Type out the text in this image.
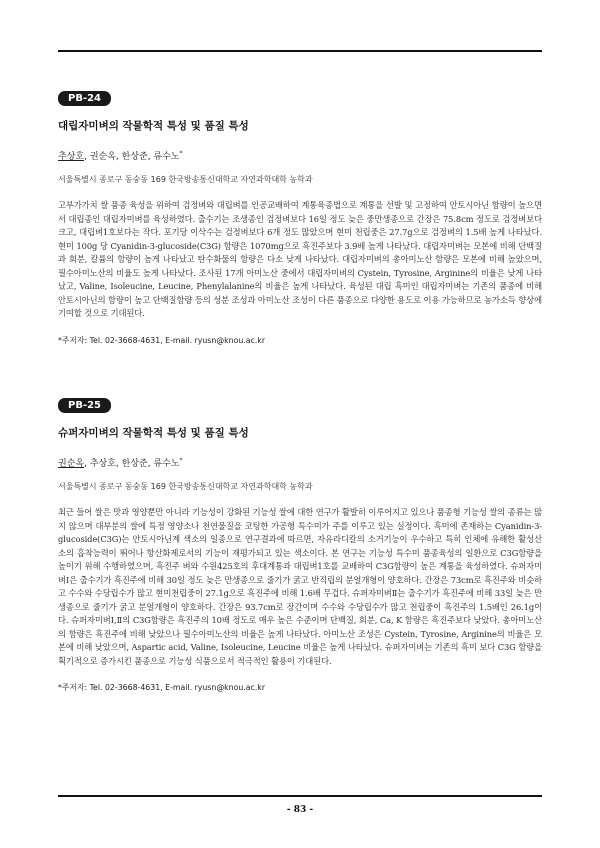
PB-24
대립자미벼의 작물학적 특성 및 품질 특성
추상호, 권순옥, 한상준, 류수노*
서울특별시 종로구 동숭동 169 한국방송통신대학교 자연과학대학 농학과
고부가가치 쌀 품종 육성을 위하여 검정벼와 대립벼를 인공교배하여 계통육종법으로 계통을 선발 및 고정하여 안토시아닌 함량이 높으면서 대립종인 대립자미벼를 육성하였다. 출수기는 조생종인 검정벼보다 16일 정도 늦은 중만생종으로 간장은 75.8cm 정도로 검정벼보다 크고, 대립벼1호보다는 작다. 포기당 이삭수는 검정벼보다 6개 정도 많았으며 현미 천립중은 27.7g으로 검정벼의 1.5배 높게 나타났다. 현미 100g 당 Cyanidin-3-glucoside(C3G) 함량은 1070mg으로 흑진주보다 3.9배 높게 나타났다. 대립자미벼는 모본에 비해 단백질과 회분, 칼륨의 함량이 높게 나타났고 탄수화물의 함량은 다소 낮게 나타났다. 대립자미벼의 총아미노산 함량은 모본에 비해 높았으며, 필수아미노산의 비율도 높게 나타났다. 조사된 17개 아미노산 중에서 대립자미벼의 Cystein, Tyrosine, Arginine의 비율은 낮게 나타났고, Valine, Isoleucine, Leucine, Phenylalanine의 비율은 높게 나타났다. 육성된 대립 흑미인 대립자미벼는 기존의 품종에 비해 안토시아닌의 함량이 높고 단백질함량 등의 성분 조성과 아미노산 조성이 다른 품종으로 다양한 용도로 이용 가능하므로 농가소득 향상에 기여할 것으로 기대된다.
*주저자: Tel. 02-3668-4631, E-mail. ryusn@knou.ac.kr
PB-25
슈퍼자미벼의 작물학적 특성 및 품질 특성
권순옥, 추상호, 한상준, 류수노*
서울특별시 종로구 동숭동 169 한국방송통신대학교 자연과학대학 농학과
최근 들어 쌀은 맛과 영양뿐만 아니라 기능성이 강화된 기능성 쌀에 대한 연구가 활발히 이루어지고 있으나 품종형 기능성 쌀의 종류는 많지 않으며 대부분의 쌀에 특정 영양소나 천연물질을 코팅한 가공형 특수미가 주를 이루고 있는 실정이다. 흑미에 존재하는 Cyanidin-3-glucoside(C3G)는 안토시아닌계 색소의 일종으로 연구결과에 따르면, 자유라디칼의 소거기능이 우수하고 특히 인체에 유해한 활성산소의 흡착능력이 뛰어나 항산화제로서의 기능이 재평가되고 있는 색소이다. 본 연구는 기능성 특수미 품종육성의 일환으로 C3G함량을 높이기 위해 수행하였으며, 흑진주 벼와 수원425호의 후대계통과 대립벼1호를 교배하여 C3G함량이 높은 계통을 육성하였다. 슈퍼자미벼Ⅰ은 출수기가 흑진주에 비해 30일 정도 늦은 만생종으로 줄기가 굵고 반직립의 분얼개형이 양호하다. 간장은 73cm로 흑진주와 비슷하고 수수와 수당립수가 많고 현미천립중이 27.1g으로 흑진주에 비해 1.6배 무겁다. 슈퍼자미벼Ⅱ는 출수기가 흑진주에 비해 33일 늦은 만생종으로 줄기가 굵고 분얼개형이 양호하다. 간장은 93.7cm로 장간이며 수수와 수당립수가 많고 천립중이 흑진주의 1.5배인 26.1g이다. 슈퍼자미벼Ⅰ,Ⅱ의 C3G함량은 흑진주의 10배 정도로 매우 높은 수준이며 단백질, 회분, Ca, K 함량은 흑진주보다 낮았다. 총아미노산의 함량은 흑진주에 비해 낮았으나 필수아미노산의 비율은 높게 나타났다. 아미노산 조성은 Cystein, Tyrosine, Arginine의 비율은 모본에 비해 낮았으며, Aspartic acid, Valine, Isoleucine, Leucine 비율은 높게 나타났다. 슈퍼자미벼는 기존의 흑미 보다 C3G 함량을 획기적으로 증가시킨 품종으로 기능성 식품으로서 적극적인 활용이 기대된다.
*주저자: Tel. 02-3668-4631, E-mail. ryusn@knou.ac.kr
- 83 -
